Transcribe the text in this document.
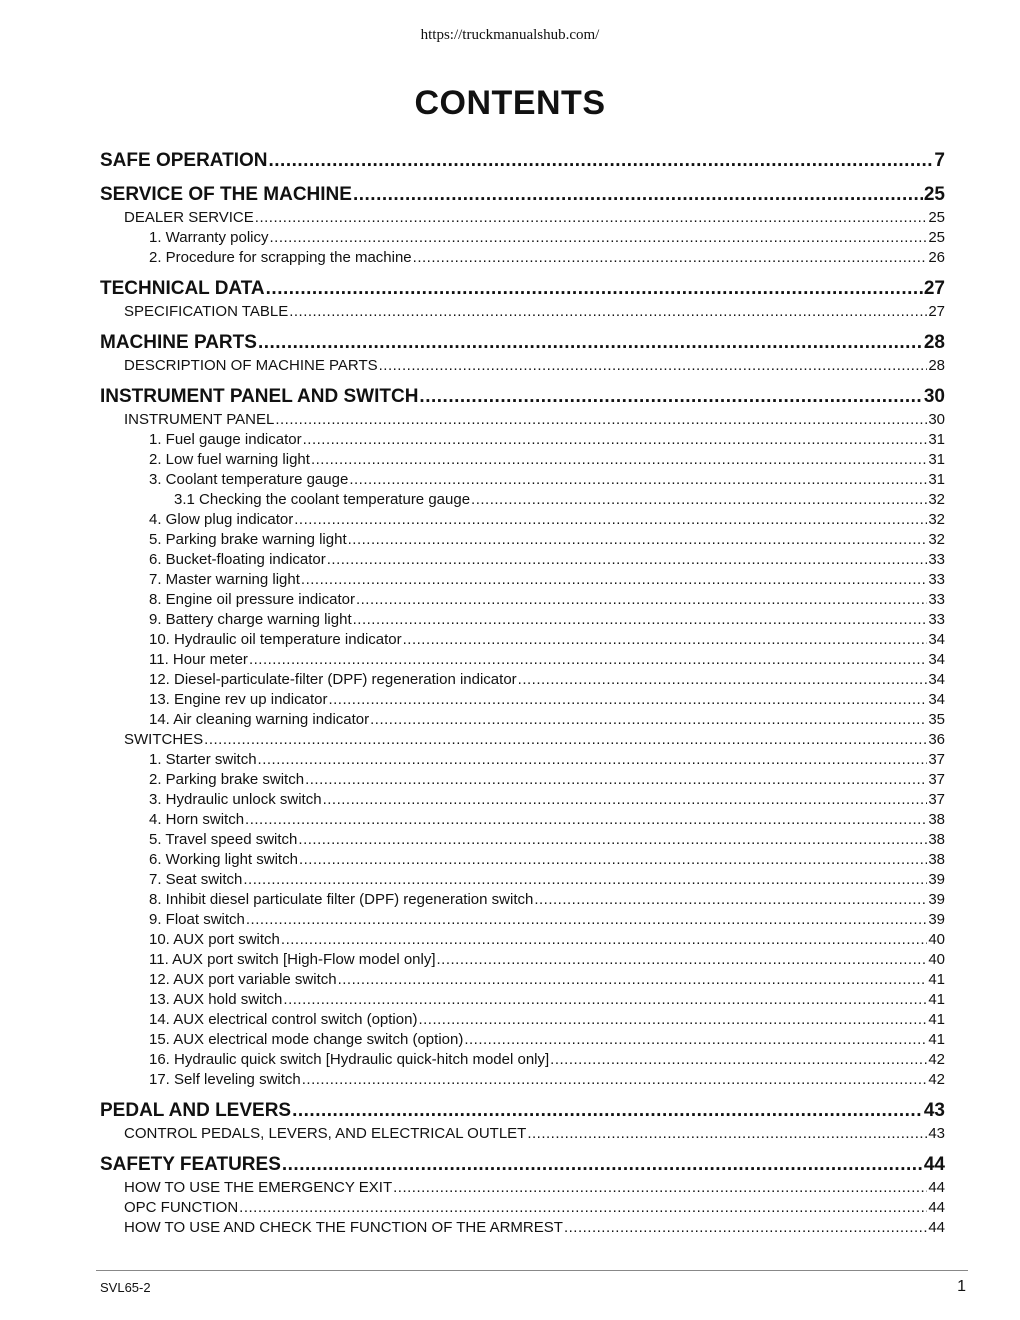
https://truckmanualshub.com/
CONTENTS
SAFE OPERATION .....	7
SERVICE OF THE MACHINE .....	25
DEALER SERVICE .....	25
1. Warranty policy .....	25
2. Procedure for scrapping the machine .....	26
TECHNICAL DATA .....	27
SPECIFICATION TABLE .....	27
MACHINE PARTS .....	28
DESCRIPTION OF MACHINE PARTS .....	28
INSTRUMENT PANEL AND SWITCH .....	30
INSTRUMENT PANEL .....	30
1. Fuel gauge indicator .....	31
2. Low fuel warning light .....	31
3. Coolant temperature gauge .....	31
3.1 Checking the coolant temperature gauge .....	32
4. Glow plug indicator .....	32
5. Parking brake warning light .....	32
6. Bucket-floating indicator .....	33
7. Master warning light .....	33
8. Engine oil pressure indicator .....	33
9. Battery charge warning light .....	33
10. Hydraulic oil temperature indicator .....	34
11. Hour meter .....	34
12. Diesel-particulate-filter (DPF) regeneration indicator .....	34
13. Engine rev up indicator .....	34
14. Air cleaning warning indicator .....	35
SWITCHES .....	36
1. Starter switch .....	37
2. Parking brake switch .....	37
3. Hydraulic unlock switch .....	37
4. Horn switch .....	38
5. Travel speed switch .....	38
6. Working light switch .....	38
7. Seat switch .....	39
8. Inhibit diesel particulate filter (DPF) regeneration switch .....	39
9. Float switch .....	39
10. AUX port switch .....	40
11. AUX port switch [High-Flow model only] .....	40
12. AUX port variable switch .....	41
13. AUX hold switch .....	41
14. AUX electrical control switch (option) .....	41
15. AUX electrical mode change switch (option) .....	41
16. Hydraulic quick switch [Hydraulic quick-hitch model only] .....	42
17. Self leveling switch .....	42
PEDAL AND LEVERS .....	43
CONTROL PEDALS, LEVERS, AND ELECTRICAL OUTLET .....	43
SAFETY FEATURES .....	44
HOW TO USE THE EMERGENCY EXIT .....	44
OPC FUNCTION .....	44
HOW TO USE AND CHECK THE FUNCTION OF THE ARMREST .....	44
SVL65-2	1
